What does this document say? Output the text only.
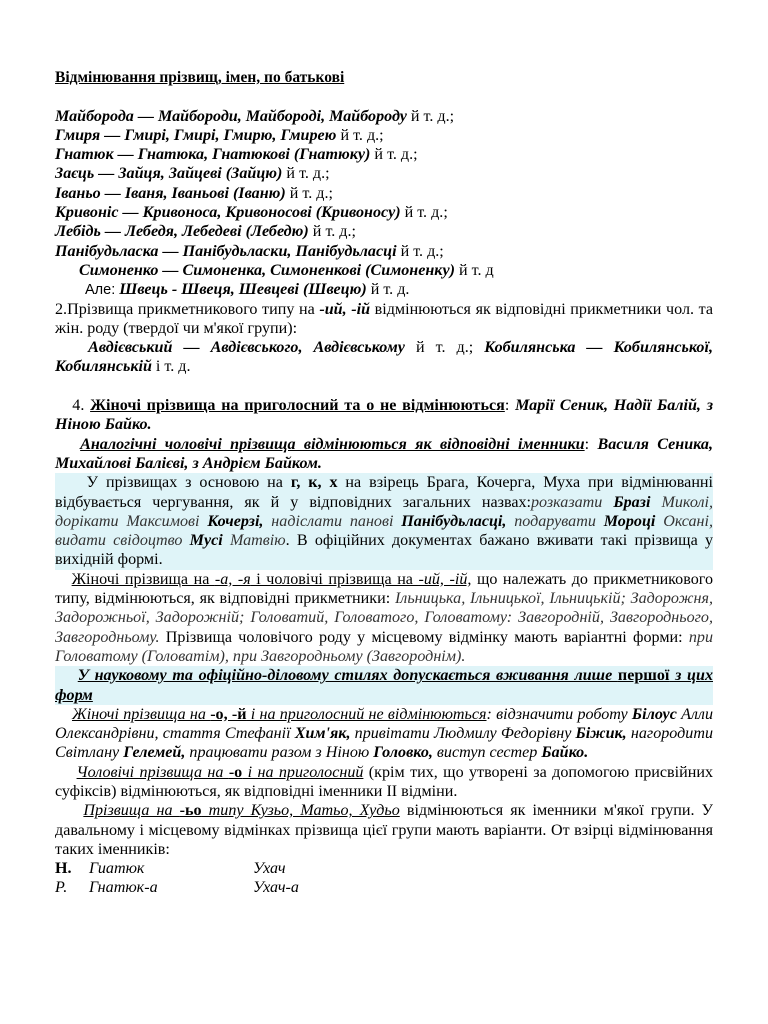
Відмінювання прізвищ, імен, по батькові
Майборода — Майбороди, Майбороді, Майбороду й т. д.;
Гмиря — Гмирі, Гмирі, Гмирю, Гмирею й т. д.;
Гнатюк — Гнатюка, Гнатюкові (Гнатюку) й т. д.;
Заєць — Зайця, Зайцеві (Зайцю) й т. д.;
Іваньо — Іваня, Іваньові (Іваню) й т. д.;
Кривоніс — Кривоноса, Кривоносові (Кривоносу) й т. д.;
Лебідь — Лебедя, Лебедеві (Лебедю) й т. д.;
Панібудьласка — Панібудьласки, Панібудьласці й т. д.;
Симоненко — Симоненка, Симоненкові (Симоненку) й т. д
Але: Швець - Швеця, Шевцеві (Швецю) й т. д.
2.Прізвища прикметникового типу на -ий, -ій відмінюються як відповідні прикметники чол. та жін. роду (твердої чи м'якої групи):
Авдієвський — Авдієвського, Авдієвському й т. д.; Кобилянська — Кобилянської, Кобилянській і т. д.
4. Жіночі прізвища на приголосний та о не відмінюються: Марії Сеник, Надії Балій, з Ніною Байко.
Аналогічні чоловічі прізвища відмінюються як відповідні іменники: Василя Сеника, Михайлові Балієві, з Андрієм Байком.
У прізвищах з основою на г, к, х на взірець Брага, Кочерга, Муха при відмінюванні відбувається чергування, як й у відповідних загальних назвах:розказати Бразі Миколі, дорікати Максимові Кочерзі, надіслати панові Панібудьласці, подарувати Мороці Оксані, видати свідоцтво Мусі Матвію. В офіційних документах бажано вживати такі прізвища у вихідній формі.
Жіночі прізвища на -а, -я і чоловічі прізвища на -ий, -ій, що належать до прикметникового типу, відмінюються, як відповідні прикметники: Ільницька, Ільницької, Ільницькій; Задорожня, Задорожньої, Задорожній; Головатий, Головатого, Головатому: Завгородній, Завгороднього, Завгородньому. Прізвища чоловічого роду у місцевому відмінку мають варіантні форми: при Головатому (Головатім), при Завгородньому (Завгороднім).
У науковому та офіційно-діловому стилях допускається вживання лише першої з цих форм
Жіночі прізвища на -о, -й і на приголосний не відмінюються: відзначити роботу Білоус Алли Олександрівни, стаття Стефанії Хим'як, привітати Людмилу Федорівну Біжик, нагородити Світлану Гелемей, працювати разом з Ніною Головко, виступ сестер Байко.
Чоловічі прізвища на -о і на приголосний (крім тих, що утворені за допомогою присвійних суфіксів) відмінюються, як відповідні іменники II відміни.
Прізвища на -ьо типу Кузьо, Матьо, Худьо відмінюються як іменники м'якої групи. У давальному і місцевому відмінках прізвища цієї групи мають варіанти. От взірці відмінювання таких іменників:
Н.	Гиатюк	Ухач
Р.	Гнатюк-а	Ухач-а
